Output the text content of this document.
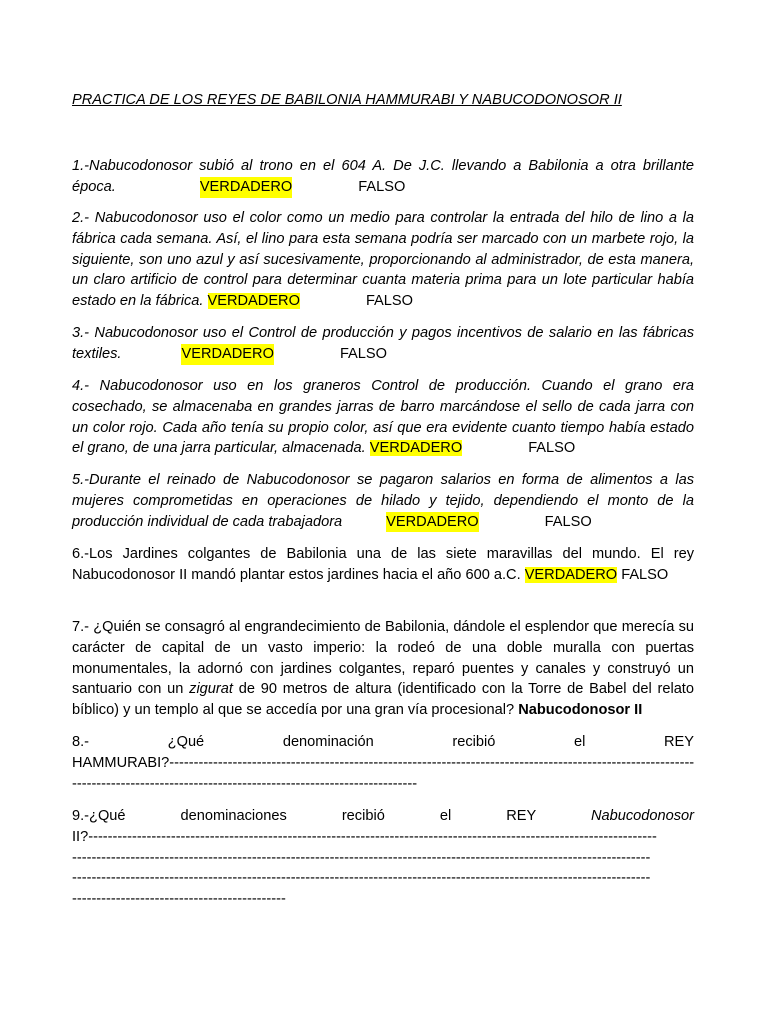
PRACTICA DE LOS REYES DE BABILONIA HAMMURABI Y NABUCODONOSOR II
1.-Nabucodonosor subió al trono en el 604 A. De J.C. llevando a Babilonia a otra brillante
época.	VERDADERO	FALSO

2.- Nabucodonosor uso el color como un medio para controlar la entrada del hilo de lino a la fábrica cada semana. Así, el lino para esta semana podría ser marcado con un marbete rojo, la siguiente, son uno azul y así sucesivamente, proporcionando al administrador, de esta manera, un claro artificio de control para determinar cuanta materia prima para un lote particular había estado en la fábrica. VERDADERO	FALSO

3.- Nabucodonosor uso el Control de producción y pagos incentivos de salario en las fábricas textiles.	VERDADERO	FALSO

4.- Nabucodonosor uso en los graneros Control de producción. Cuando el grano era cosechado, se almacenaba en grandes jarras de barro marcándose el sello de cada jarra con un color rojo. Cada año tenía su propio color, así que era evidente cuanto tiempo había estado el grano, de una jarra particular, almacenada. VERDADERO	FALSO

5.-Durante el reinado de Nabucodonosor se pagaron salarios en forma de alimentos a las mujeres comprometidas en operaciones de hilado y tejido, dependiendo el monto de la producción individual de cada trabajadora	VERDADERO	FALSO

6.-Los Jardines colgantes de Babilonia una de las siete maravillas del mundo. El rey Nabucodonosor II mandó plantar estos jardines hacia el año 600 a.C. VERDADERO FALSO

7.- ¿Quién se consagró al engrandecimiento de Babilonia, dándole el esplendor que merecía su carácter de capital de un vasto imperio: la rodeó de una doble muralla con puertas monumentales, la adornó con jardines colgantes, reparó puentes y canales y construyó un santuario con un zigurat de 90 metros de altura (identificado con la Torre de Babel del relato bíblico) y un templo al que se accedía por una gran vía procesional? Nabucodonosor II

8.- ¿Qué denominación recibió el REY
HAMMURABI?------------------------------------------------------------------------------------------------------------
-----------------------------------------------------------------------
9.-¿Qué denominaciones recibió el REY	Nabucodonosor
II?---------------------------------------------------------------------------------------------------------------------
-----------------------------------------------------------------------------------------------------------------------
-----------------------------------------------------------------------------------------------------------------------
--------------------------------------------
